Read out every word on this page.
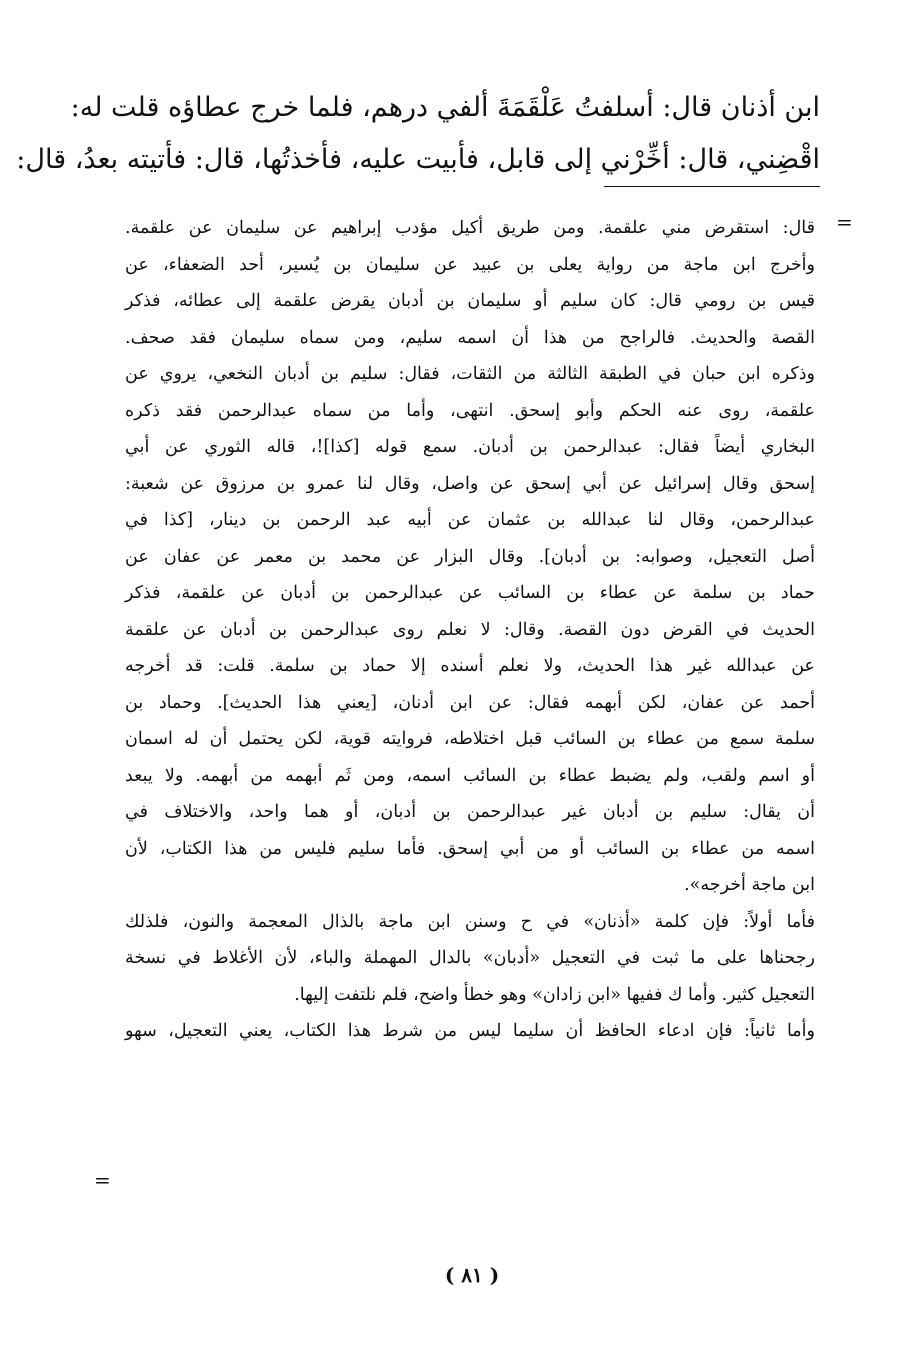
ابن أذنان قال: أسلفتُ عَلْقَمَةَ ألفي درهم، فلما خرج عطاؤه قلت له:
اقْضِني، قال: أخِّرْني إلى قابل، فأبيت عليه، فأخذتُها، قال: فأتيته بعدُ، قال:
=
قال: استقرض مني علقمة. ومن طريق أكيل مؤدب إبراهيم عن سليمان عن علقمة.
وأخرج ابن ماجة من رواية يعلى بن عبيد عن سليمان بن يُسير، أحد الضعفاء، عن
قيس بن رومي قال: كان سليم أو سليمان بن أدبان يقرض علقمة إلى عطائه، فذكر
القصة والحديث. فالراجح من هذا أن اسمه سليم، ومن سماه سليمان فقد صحف.
وذكره ابن حبان في الطبقة الثالثة من الثقات، فقال: سليم بن أدبان النخعي، يروي عن
علقمة، روى عنه الحكم وأبو إسحق. انتهى، وأما من سماه عبدالرحمن فقد ذكره
البخاري أيضاً فقال: عبدالرحمن بن أدبان. سمع قوله [كذا]!، قاله الثوري عن أبي
إسحق وقال إسرائيل عن أبي إسحق عن واصل، وقال لنا عمرو بن مرزوق عن شعبة:
عبدالرحمن، وقال لنا عبدالله بن عثمان عن أبيه عبد الرحمن بن دينار، [كذا في
أصل التعجيل، وصوابه: بن أدبان]. وقال البزار عن محمد بن معمر عن عفان عن
حماد بن سلمة عن عطاء بن السائب عن عبدالرحمن بن أدبان عن علقمة، فذكر
الحديث في القرض دون القصة. وقال: لا نعلم روى عبدالرحمن بن أدبان عن علقمة
عن عبدالله غير هذا الحديث، ولا نعلم أسنده إلا حماد بن سلمة. قلت: قد أخرجه
أحمد عن عفان، لكن أبهمه فقال: عن ابن أدنان، [يعني هذا الحديث]. وحماد بن
سلمة سمع من عطاء بن السائب قبل اختلاطه، فروايته قوية، لكن يحتمل أن له اسمان
أو اسم ولقب، ولم يضبط عطاء بن السائب اسمه، ومن ثَم أبهمه من أبهمه. ولا يبعد
أن يقال: سليم بن أدبان غير عبدالرحمن بن أدبان، أو هما واحد، والاختلاف في
اسمه من عطاء بن السائب أو من أبي إسحق. فأما سليم فليس من هذا الكتاب، لأن
ابن ماجة أخرجه».
فأما أولاً: فإن كلمة «أذنان» في ح وسنن ابن ماجة بالذال المعجمة والنون، فلذلك
رجحناها على ما ثبت في التعجيل «أدبان» بالدال المهملة والباء، لأن الأغلاط في نسخة
التعجيل كثير. وأما ك ففيها «ابن زادان» وهو خطأ واضح، فلم نلتفت إليها.
وأما ثانياً: فإن ادعاء الحافظ أن سليما ليس من شرط هذا الكتاب، يعني التعجيل، سهو
=
( ٨١ )
